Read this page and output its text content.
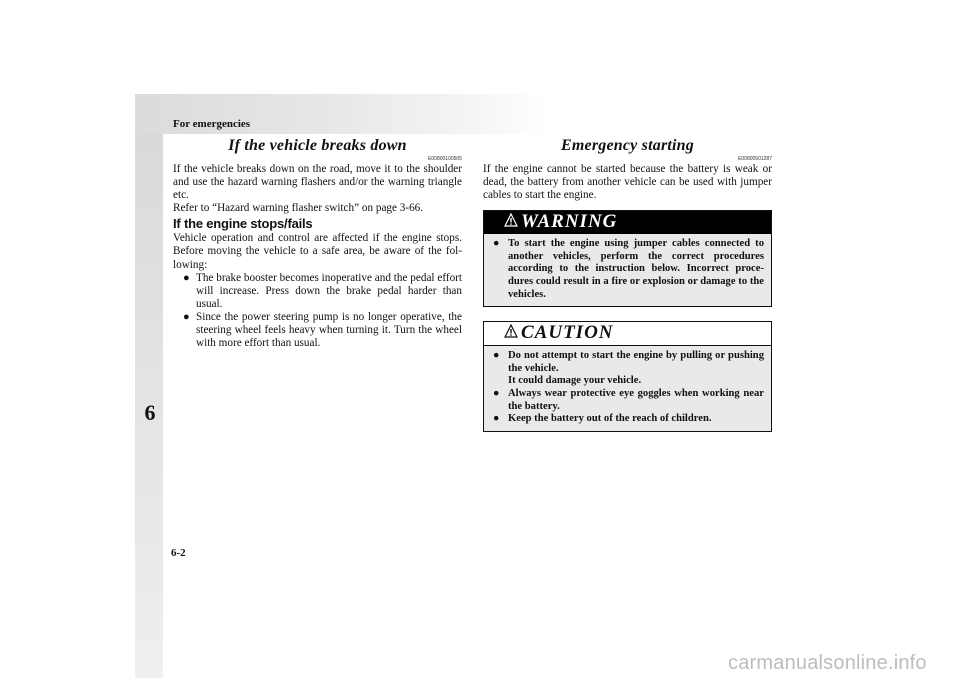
For emergencies
6
6-2
If the vehicle breaks down
E00800100505

If the vehicle breaks down on the road, move it to the shoulder and use the hazard warning flashers and/or the warning triangle etc.

Refer to “Hazard warning flasher switch” on page 3-66.

If the engine stops/fails

Vehicle operation and control are affected if the engine stops. Before moving the vehicle to a safe area, be aware of the fol-lowing:

● The brake booster becomes inoperative and the pedal effort will increase. Press down the brake pedal harder than usual.
● Since the power steering pump is no longer operative, the steering wheel feels heavy when turning it. Turn the wheel with more effort than usual.
Emergency starting
E00800501287

If the engine cannot be started because the battery is weak or dead, the battery from another vehicle can be used with jumper cables to start the engine.

WARNING
● To start the engine using jumper cables connected to another vehicles, perform the correct procedures according to the instruction below. Incorrect proce-dures could result in a fire or explosion or damage to the vehicles.
CAUTION
● Do not attempt to start the engine by pulling or pushing the vehicle.
It could damage your vehicle.
● Always wear protective eye goggles when working near the battery.
● Keep the battery out of the reach of children.
carmanualsonline.info
